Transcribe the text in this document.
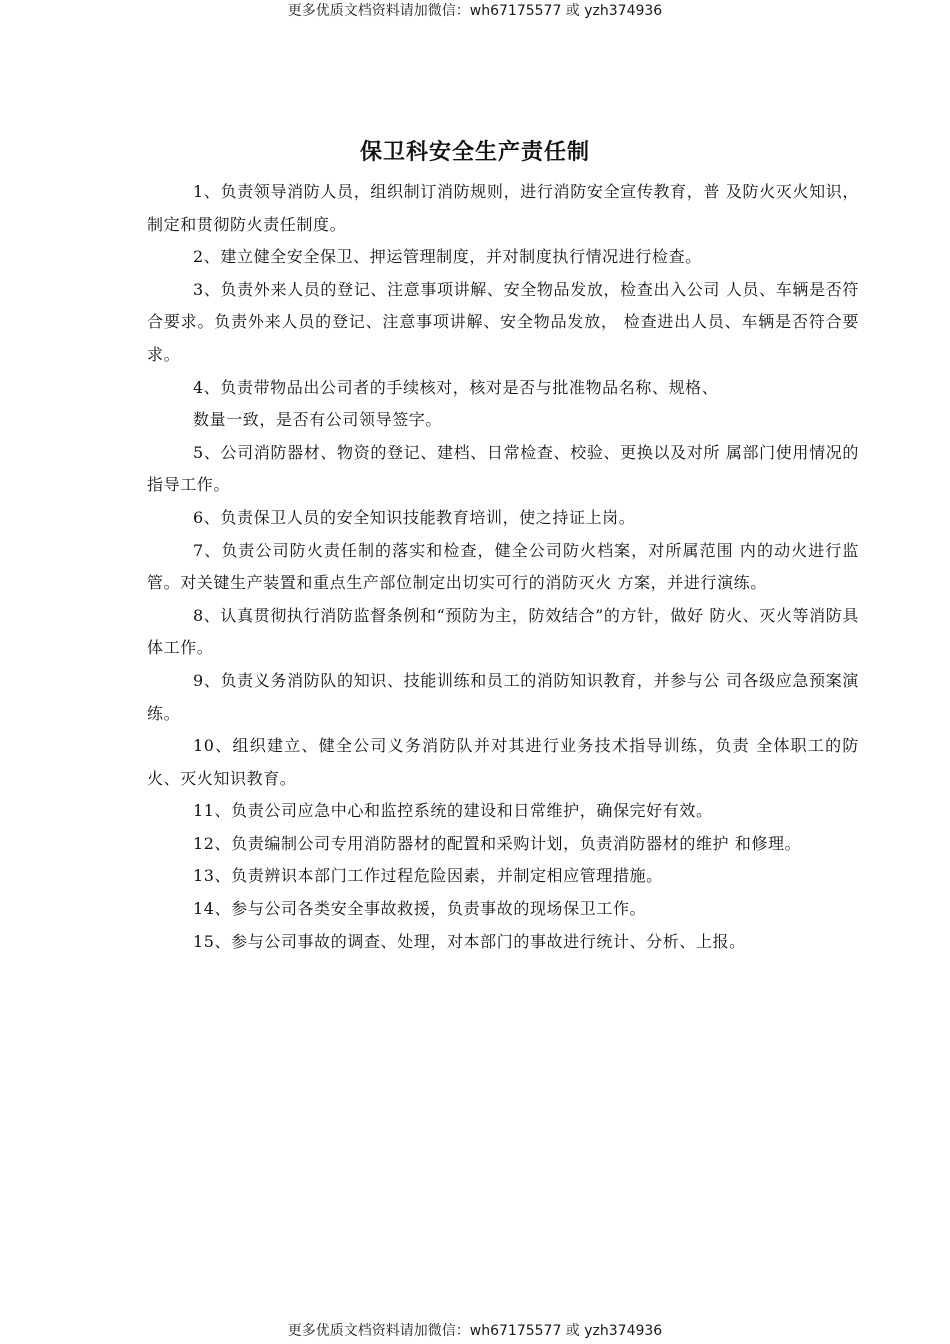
更多优质文档资料请加微信：wh67175577 或 yzh374936
保卫科安全生产责任制

1、负责领导消防人员，组织制订消防规则，进行消防安全宣传教育，普 及防火灭火知识，制定和贯彻防火责任制度。

2、建立健全安全保卫、押运管理制度，并对制度执行情况进行检查。

3、负责外来人员的登记、注意事项讲解、安全物品发放，检查出入公司 人员、车辆是否符合要求。负责外来人员的登记、注意事项讲解、安全物品发放， 检查进出人员、车辆是否符合要求。

4、负责带物品出公司者的手续核对，核对是否与批准物品名称、规格、

数量一致，是否有公司领导签字。

5、公司消防器材、物资的登记、建档、日常检查、校验、更换以及对所 属部门使用情况的指导工作。

6、负责保卫人员的安全知识技能教育培训，使之持证上岗。

7、负责公司防火责任制的落实和检查，健全公司防火档案，对所属范围 内的动火进行监管。对关键生产装置和重点生产部位制定出切实可行的消防灭火 方案，并进行演练。

8、认真贯彻执行消防监督条例和“预防为主，防效结合”的方针，做好 防火、灭火等消防具体工作。

9、负责义务消防队的知识、技能训练和员工的消防知识教育，并参与公 司各级应急预案演练。

10、组织建立、健全公司义务消防队并对其进行业务技术指导训练，负责 全体职工的防火、灭火知识教育。

11、负责公司应急中心和监控系统的建设和日常维护，确保完好有效。

12、负责编制公司专用消防器材的配置和采购计划，负责消防器材的维护 和修理。

13、负责辨识本部门工作过程危险因素，并制定相应管理措施。

14、参与公司各类安全事故救援，负责事故的现场保卫工作。

15、参与公司事故的调查、处理，对本部门的事故进行统计、分析、上报。

更多优质文档资料请加微信：wh67175577 或 yzh374936
